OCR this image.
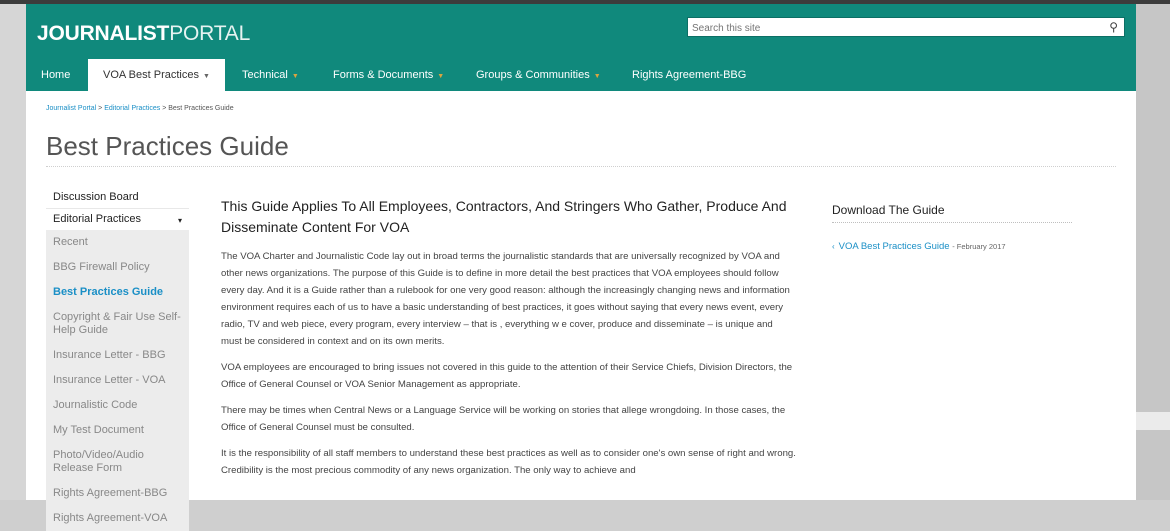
JOURNALISTPORTAL
Search this site	⚲
Home	VOA Best Practices ▼	Technical ▼	Forms & Documents ▼	Groups & Communities ▼	Rights Agreement-BBG
Journalist Portal > Editorial Practices > Best Practices Guide
Best Practices Guide
Discussion Board
Editorial Practices	▾
Recent
BBG Firewall Policy
Best Practices Guide
Copyright & Fair Use Self-Help Guide
Insurance Letter - BBG
Insurance Letter - VOA
Journalistic Code
My Test Document
Photo/Video/Audio Release Form
Rights Agreement-BBG
Rights Agreement-VOA
This Guide Applies To All Employees, Contractors, And Stringers Who Gather, Produce And Disseminate Content For VOA

The VOA Charter and Journalistic Code lay out in broad terms the journalistic standards that are universally recognized by VOA and other news organizations. The purpose of this Guide is to define in more detail the best practices that VOA employees should follow every day. And it is a Guide rather than a rulebook for one very good reason: although the increasingly changing news and information environment requires each of us to have a basic understanding of best practices, it goes without saying that every news event, every radio, TV and web piece, every program, every interview – that is , everything w e cover, produce and disseminate – is unique and must be considered in context and on its own merits.

VOA employees are encouraged to bring issues not covered in this guide to the attention of their Service Chiefs, Division Directors, the Office of General Counsel or VOA Senior Management as appropriate.

There may be times when Central News or a Language Service will be working on stories that allege wrongdoing. In those cases, the Office of General Counsel must be consulted.

It is the responsibility of all staff members to understand these best practices as well as to consider one's own sense of right and wrong. Credibility is the most precious commodity of any news organization. The only way to achieve and

Download The Guide
‹ VOA Best Practices Guide - February 2017
